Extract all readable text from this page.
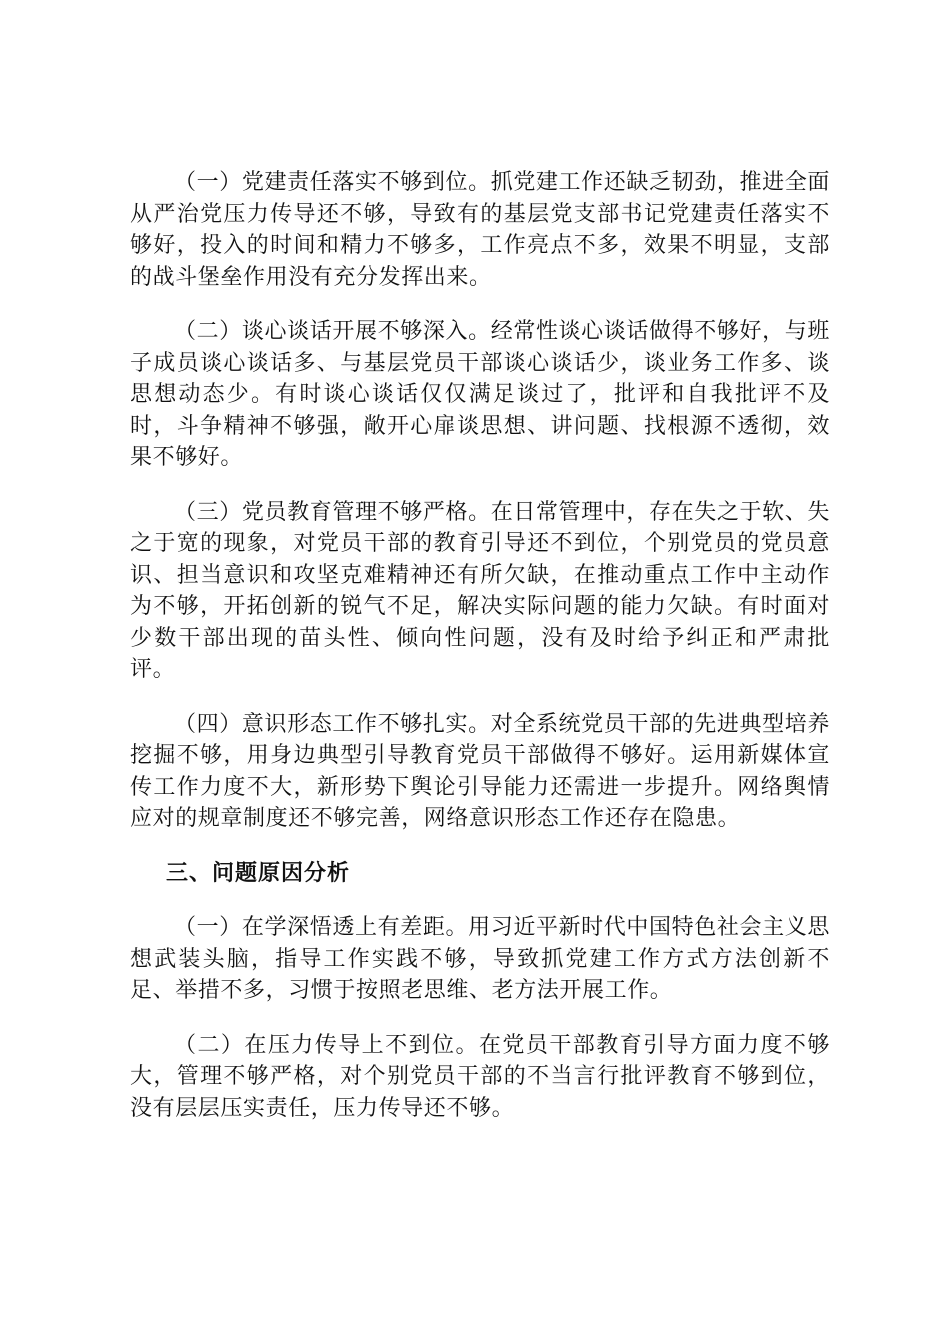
（一）党建责任落实不够到位。抓党建工作还缺乏韧劲，推进全面从严治党压力传导还不够，导致有的基层党支部书记党建责任落实不够好，投入的时间和精力不够多，工作亮点不多，效果不明显，支部的战斗堡垒作用没有充分发挥出来。

（二）谈心谈话开展不够深入。经常性谈心谈话做得不够好，与班子成员谈心谈话多、与基层党员干部谈心谈话少，谈业务工作多、谈思想动态少。有时谈心谈话仅仅满足谈过了，批评和自我批评不及时，斗争精神不够强，敞开心扉谈思想、讲问题、找根源不透彻，效果不够好。

（三）党员教育管理不够严格。在日常管理中，存在失之于软、失之于宽的现象，对党员干部的教育引导还不到位，个别党员的党员意识、担当意识和攻坚克难精神还有所欠缺，在推动重点工作中主动作为不够，开拓创新的锐气不足，解决实际问题的能力欠缺。有时面对少数干部出现的苗头性、倾向性问题，没有及时给予纠正和严肃批评。

（四）意识形态工作不够扎实。对全系统党员干部的先进典型培养挖掘不够，用身边典型引导教育党员干部做得不够好。运用新媒体宣传工作力度不大，新形势下舆论引导能力还需进一步提升。网络舆情应对的规章制度还不够完善，网络意识形态工作还存在隐患。

三、问题原因分析

（一）在学深悟透上有差距。用习近平新时代中国特色社会主义思想武装头脑，指导工作实践不够，导致抓党建工作方式方法创新不足、举措不多，习惯于按照老思维、老方法开展工作。

（二）在压力传导上不到位。在党员干部教育引导方面力度不够大，管理不够严格，对个别党员干部的不当言行批评教育不够到位，没有层层压实责任，压力传导还不够。
